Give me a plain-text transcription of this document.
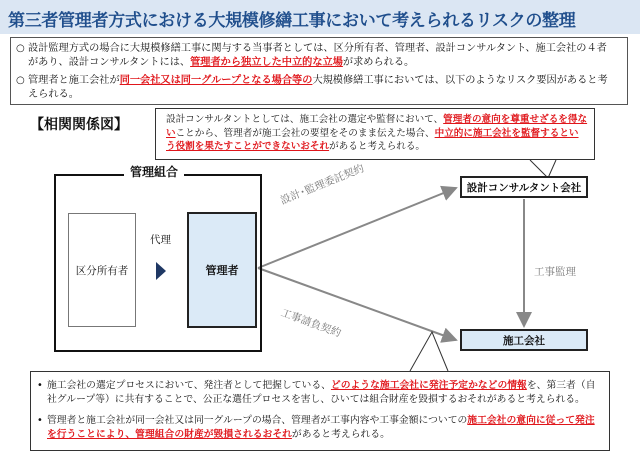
第三者管理者方式における大規模修繕工事において考えられるリスクの整理
○ 設計監理方式の場合に大規模修繕工事に関与する当事者としては、区分所有者、管理者、設計コンサルタント、施工会社の４者があり、設計コンサルタントには、管理者から独立した中立的な立場が求められる。
○ 管理者と施工会社が同一会社又は同一グループとなる場合等の大規模修繕工事においては、以下のようなリスク要因があると考えられる。
【相関関係図】	設計コンサルタントとしては、施工会社の選定や監督において、管理者の意向を尊重せざるを得ないことから、管理者が施工会社の要望をそのまま伝えた場合、中立的に施工会社を監督するという役割を果たすことができないおそれがあると考えられる。
管理組合
区分所有者
代理
管理者
設計コンサルタント会社
施工会社
設計･監理委託契約
工事請負契約
工事監理
• 施工会社の選定プロセスにおいて、発注者として把握している、どのような施工会社に発注予定かなどの情報を、第三者（自社グループ等）に共有することで、公正な選任プロセスを害し、ひいては組合財産を毀損するおそれがあると考えられる。
• 管理者と施工会社が同一会社又は同一グループの場合、管理者が工事内容や工事金額についての施工会社の意向に従って発注を行うことにより、管理組合の財産が毀損されるおそれがあると考えられる。
